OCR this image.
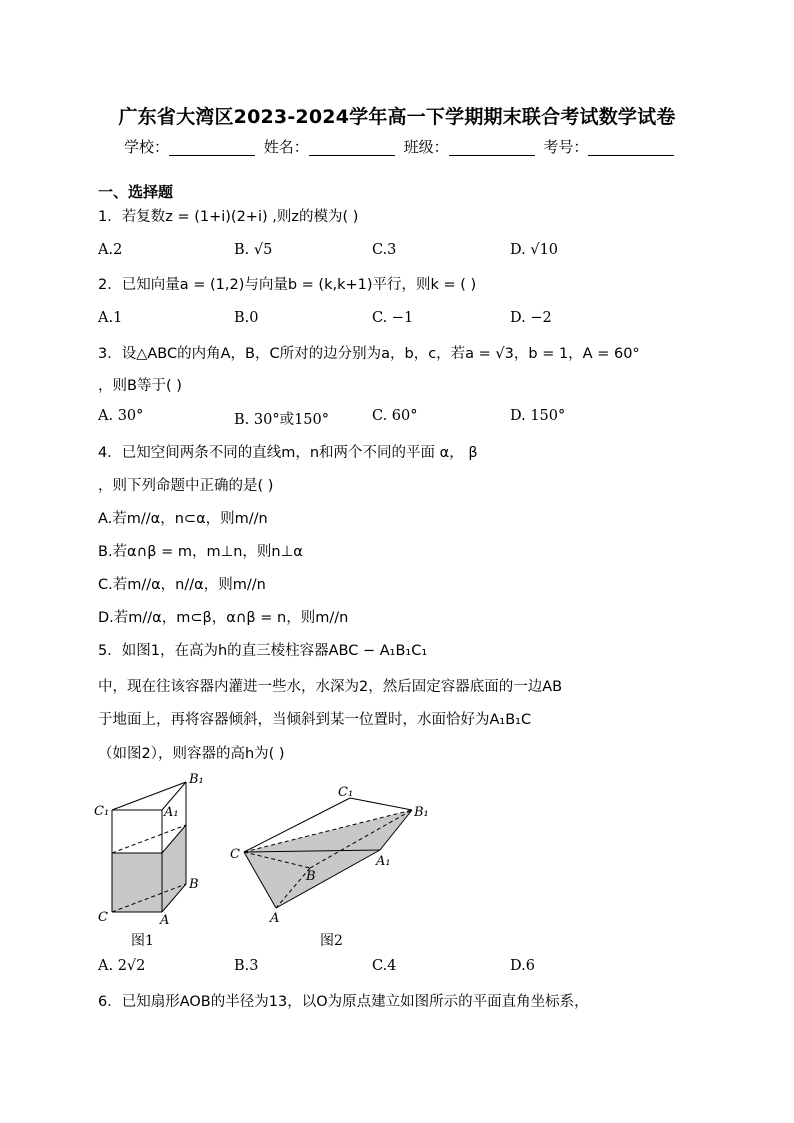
广东省大湾区2023-2024学年高一下学期期末联合考试数学试卷
学校：	姓名：	班级：	考号：
一、选择题
1．若复数z = (1+i)(2+i) ,则z的模为( )
A.2	B. √5	C.3	D. √10
2．已知向量a = (1,2)与向量b = (k,k+1)平行，则k = ( )
A.1	B.0	C. −1	D. −2
3．设△ABC的内角A，B，C所对的边分别为a，b，c，若a = √3，b = 1，A = 60°
，则B等于( )
A. 30°	B. 30°或150°	C. 60°	D. 150°
4．已知空间两条不同的直线m，n和两个不同的平面 α， β
，则下列命题中正确的是( )
A.若m//α，n⊂α，则m//n
B.若α∩β = m，m⊥n，则n⊥α
C.若m//α，n//α，则m//n
D.若m//α，m⊂β，α∩β = n，则m//n
5．如图1，在高为h的直三棱柱容器ABC − A₁B₁C₁
中，现在往该容器内灌进一些水，水深为2，然后固定容器底面的一边AB
于地面上，再将容器倾斜，当倾斜到某一位置时，水面恰好为A₁B₁C
（如图2），则容器的高h为( )
B₁
C₁	A₁
B
C	A
图1
C₁
B₁
C	A₁
B
A
图2
A. 2√2	B.3	C.4	D.6
6．已知扇形AOB的半径为13，以O为原点建立如图所示的平面直角坐标系，
